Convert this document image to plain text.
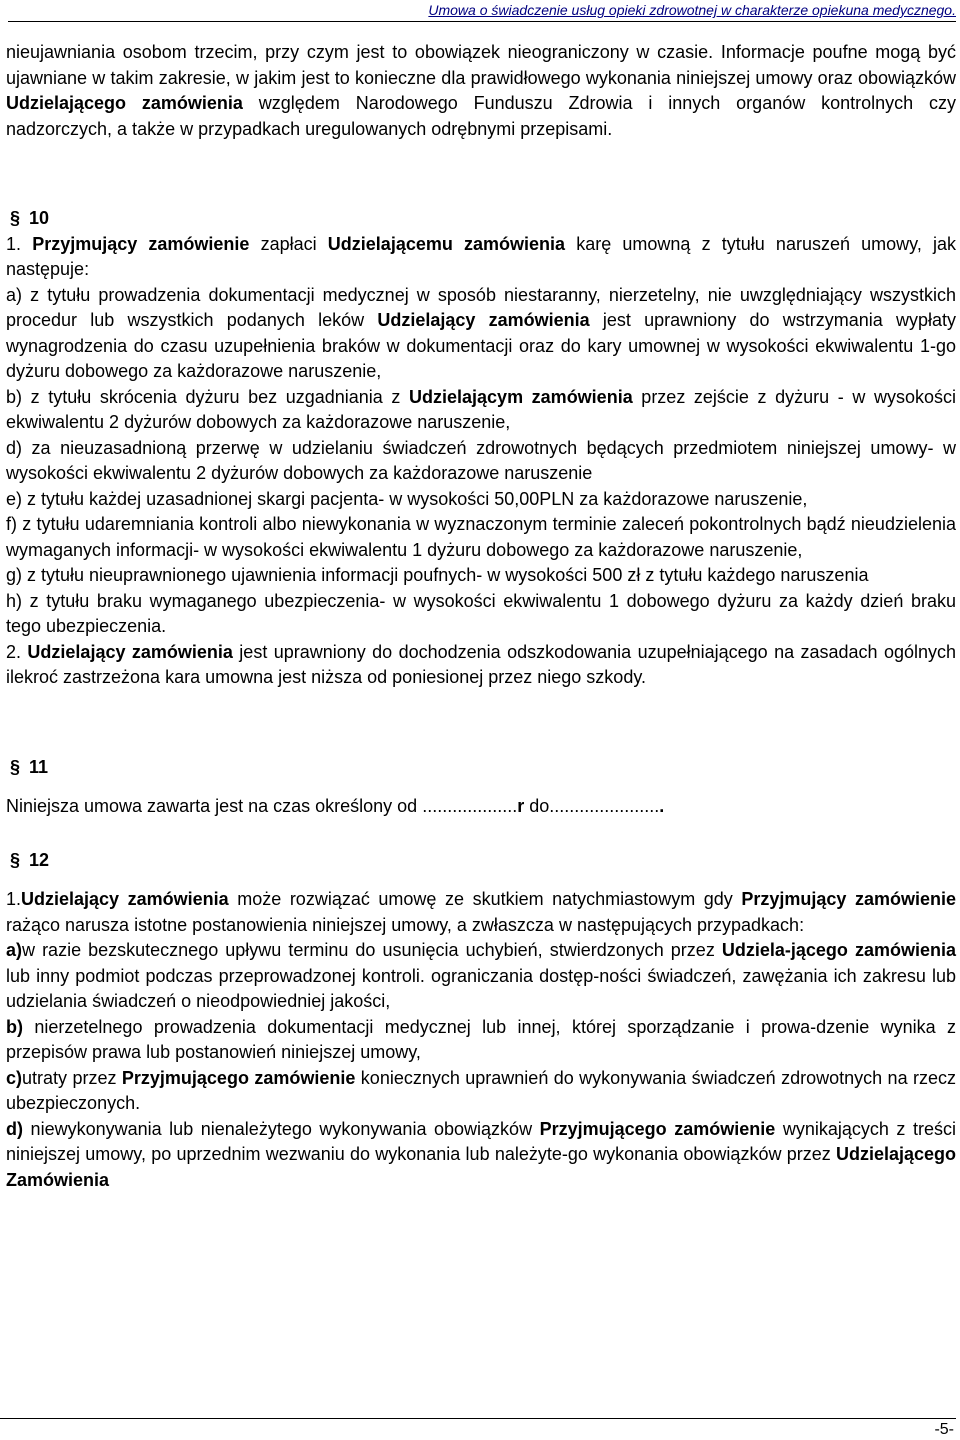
Umowa o świadczenie usług opieki zdrowotnej w charakterze opiekuna medycznego.

nieujawniania osobom trzecim, przy czym jest to obowiązek nieograniczony w czasie. Informacje poufne mogą być ujawniane w takim zakresie, w jakim jest to konieczne dla prawidłowego wykonania niniejszej umowy oraz obowiązków Udzielającego zamówienia względem Narodowego Funduszu Zdrowia i innych organów kontrolnych czy nadzorczych, a także w przypadkach uregulowanych odrębnymi przepisami.

§ 10

1. Przyjmujący zamówienie zapłaci Udzielającemu zamówienia karę umowną z tytułu naruszeń umowy, jak następuje:

a) z tytułu prowadzenia dokumentacji medycznej w sposób niestaranny, nierzetelny, nie uwzględniający wszystkich procedur lub wszystkich podanych leków Udzielający zamówienia jest uprawniony do wstrzymania wypłaty wynagrodzenia do czasu uzupełnienia braków w dokumentacji oraz do kary umownej w wysokości ekwiwalentu 1-go dyżuru dobowego za każdorazowe naruszenie,

b) z tytułu skrócenia dyżuru bez uzgadniania z Udzielającym zamówienia przez zejście z dyżuru - w wysokości ekwiwalentu 2 dyżurów dobowych za każdorazowe naruszenie,

d) za nieuzasadnioną przerwę w udzielaniu świadczeń zdrowotnych będących przedmiotem niniejszej umowy- w wysokości ekwiwalentu 2 dyżurów dobowych za każdorazowe naruszenie

e) z tytułu każdej uzasadnionej skargi pacjenta- w wysokości 50,00PLN za każdorazowe naruszenie,

f) z tytułu udaremniania kontroli albo niewykonania w wyznaczonym terminie zaleceń pokontrolnych bądź nieudzielenia wymaganych informacji- w wysokości ekwiwalentu 1 dyżuru dobowego za każdorazowe naruszenie,

g) z tytułu nieuprawnionego ujawnienia informacji poufnych- w wysokości 500 zł z tytułu każdego naruszenia

h) z tytułu braku wymaganego ubezpieczenia- w wysokości ekwiwalentu 1 dobowego dyżuru za każdy dzień braku tego ubezpieczenia.

2. Udzielający zamówienia jest uprawniony do dochodzenia odszkodowania uzupełniającego na zasadach ogólnych ilekroć zastrzeżona kara umowna jest niższa od poniesionej przez niego szkody.

§ 11

Niniejsza umowa zawarta jest na czas określony od ...................r do.......................

§ 12

1.Udzielający zamówienia może rozwiązać umowę ze skutkiem natychmiastowym gdy Przyjmujący zamówienie rażąco narusza istotne postanowienia niniejszej umowy, a zwłaszcza w następujących przypadkach:

a)w razie bezskutecznego upływu terminu do usunięcia uchybień, stwierdzonych przez Udziela-jącego zamówienia lub inny podmiot podczas przeprowadzonej kontroli. ograniczania dostęp-ności świadczeń, zawężania ich zakresu lub udzielania świadczeń o nieodpowiedniej jakości,

b) nierzetelnego prowadzenia dokumentacji medycznej lub innej, której sporządzanie i prowa-dzenie wynika z przepisów prawa lub postanowień niniejszej umowy,

c)utraty przez Przyjmującego zamówienie koniecznych uprawnień do wykonywania świadczeń zdrowotnych na rzecz ubezpieczonych.

d) niewykonywania lub nienależytego wykonywania obowiązków Przyjmującego zamówienie wynikających z treści niniejszej umowy, po uprzednim wezwaniu do wykonania lub należyte-go wykonania obowiązków przez Udzielającego Zamówienia

-5-
